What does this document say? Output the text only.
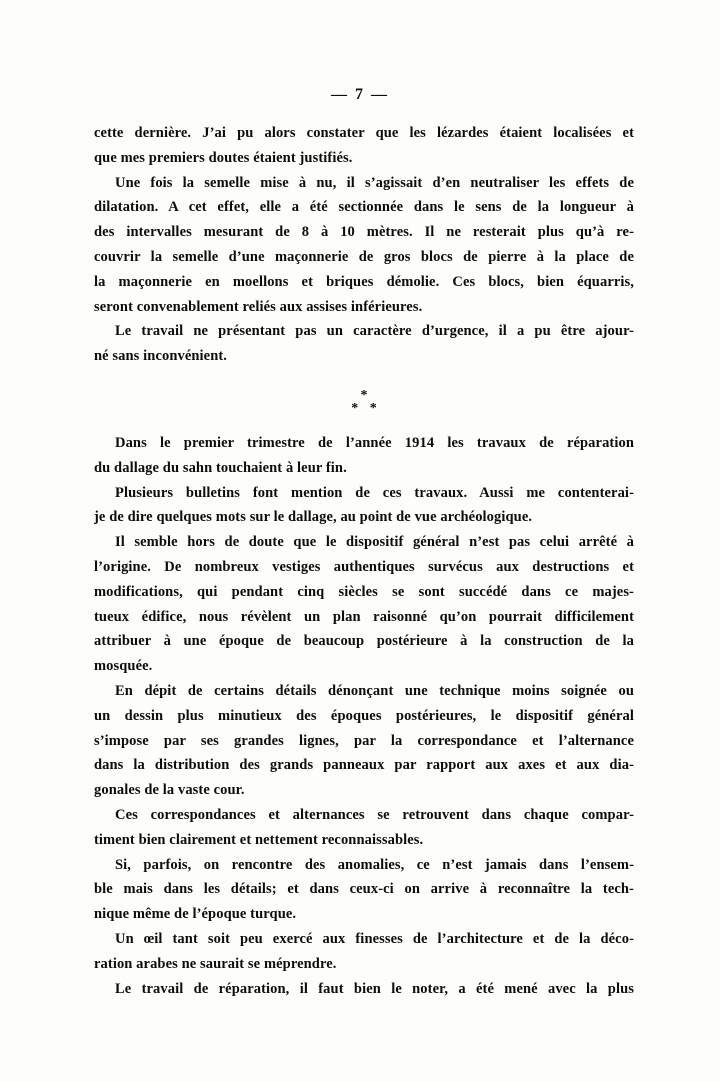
— 7 —
cette dernière. J’ai pu alors constater que les lézardes étaient localisées et
que mes premiers doutes étaient justifiés.
Une fois la semelle mise à nu, il s’agissait d’en neutraliser les effets de
dilatation. A cet effet, elle a été sectionnée dans le sens de la longueur à
des intervalles mesurant de 8 à 10 mètres. Il ne resterait plus qu’à re-
couvrir la semelle d’une maçonnerie de gros blocs de pierre à la place de
la maçonnerie en moellons et briques démolie. Ces blocs, bien équarris,
seront convenablement reliés aux assises inférieures.
Le travail ne présentant pas un caractère d’urgence, il a pu être ajour-
né sans inconvénient.
*
* *
Dans le premier trimestre de l’année 1914 les travaux de réparation
du dallage du sahn touchaient à leur fin.
Plusieurs bulletins font mention de ces travaux. Aussi me contenterai-
je de dire quelques mots sur le dallage, au point de vue archéologique.
Il semble hors de doute que le dispositif général n’est pas celui arrêté à
l’origine. De nombreux vestiges authentiques survécus aux destructions et
modifications, qui pendant cinq siècles se sont succédé dans ce majes-
tueux édifice, nous révèlent un plan raisonné qu’on pourrait difficilement
attribuer à une époque de beaucoup postérieure à la construction de la
mosquée.
En dépit de certains détails dénonçant une technique moins soignée ou
un dessin plus minutieux des époques postérieures, le dispositif général
s’impose par ses grandes lignes, par la correspondance et l’alternance
dans la distribution des grands panneaux par rapport aux axes et aux dia-
gonales de la vaste cour.
Ces correspondances et alternances se retrouvent dans chaque compar-
timent bien clairement et nettement reconnaissables.
Si, parfois, on rencontre des anomalies, ce n’est jamais dans l’ensem-
ble mais dans les détails; et dans ceux-ci on arrive à reconnaître la tech-
nique même de l’époque turque.
Un œil tant soit peu exercé aux finesses de l’architecture et de la déco-
ration arabes ne saurait se méprendre.
Le travail de réparation, il faut bien le noter, a été mené avec la plus
